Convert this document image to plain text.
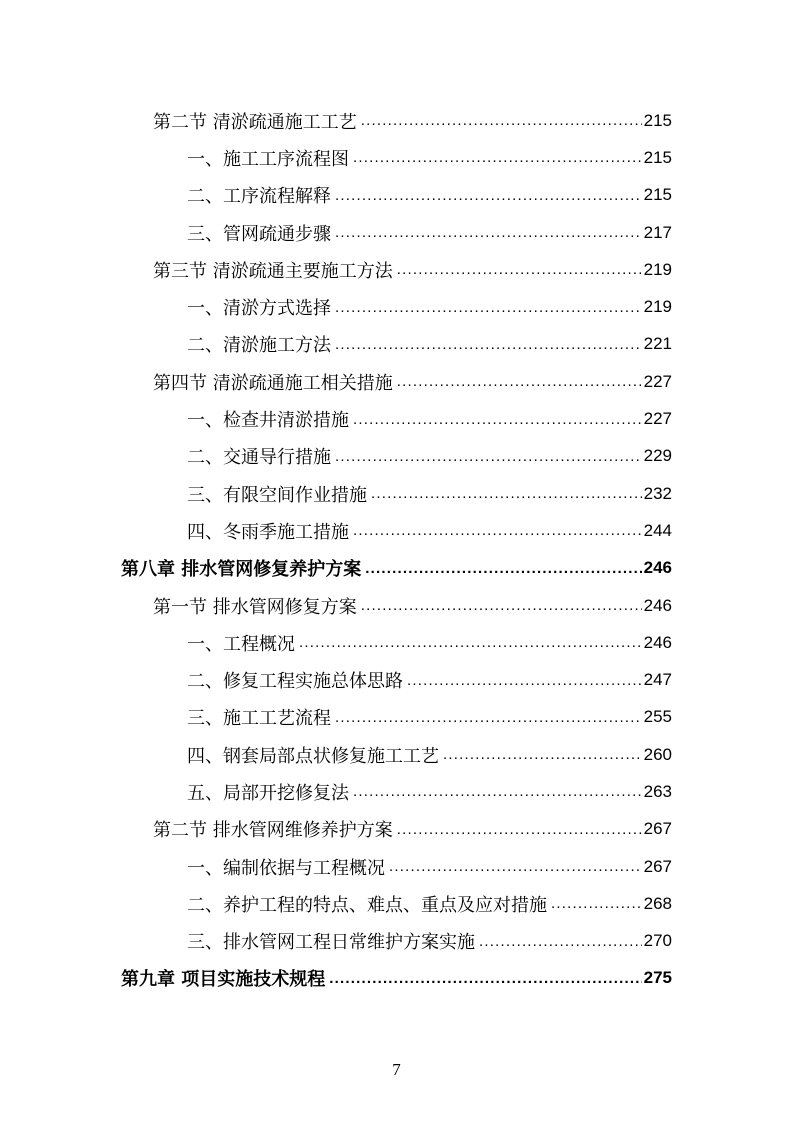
第二节 清淤疏通施工工艺 .....	215
一、施工工序流程图 .....	215
二、工序流程解释 .....	215
三、管网疏通步骤 .....	217
第三节 清淤疏通主要施工方法 .....	219
一、清淤方式选择 .....	219
二、清淤施工方法 .....	221
第四节 清淤疏通施工相关措施 .....	227
一、检查井清淤措施 .....	227
二、交通导行措施 .....	229
三、有限空间作业措施 .....	232
四、冬雨季施工措施 .....	244
第八章 排水管网修复养护方案 .....	246
第一节 排水管网修复方案 .....	246
一、工程概况 .....	246
二、修复工程实施总体思路 .....	247
三、施工工艺流程 .....	255
四、钢套局部点状修复施工工艺 .....	260
五、局部开挖修复法 .....	263
第二节 排水管网维修养护方案 .....	267
一、编制依据与工程概况 .....	267
二、养护工程的特点、难点、重点及应对措施 .....	268
三、排水管网工程日常维护方案实施 .....	270
第九章 项目实施技术规程 .....	275
7
